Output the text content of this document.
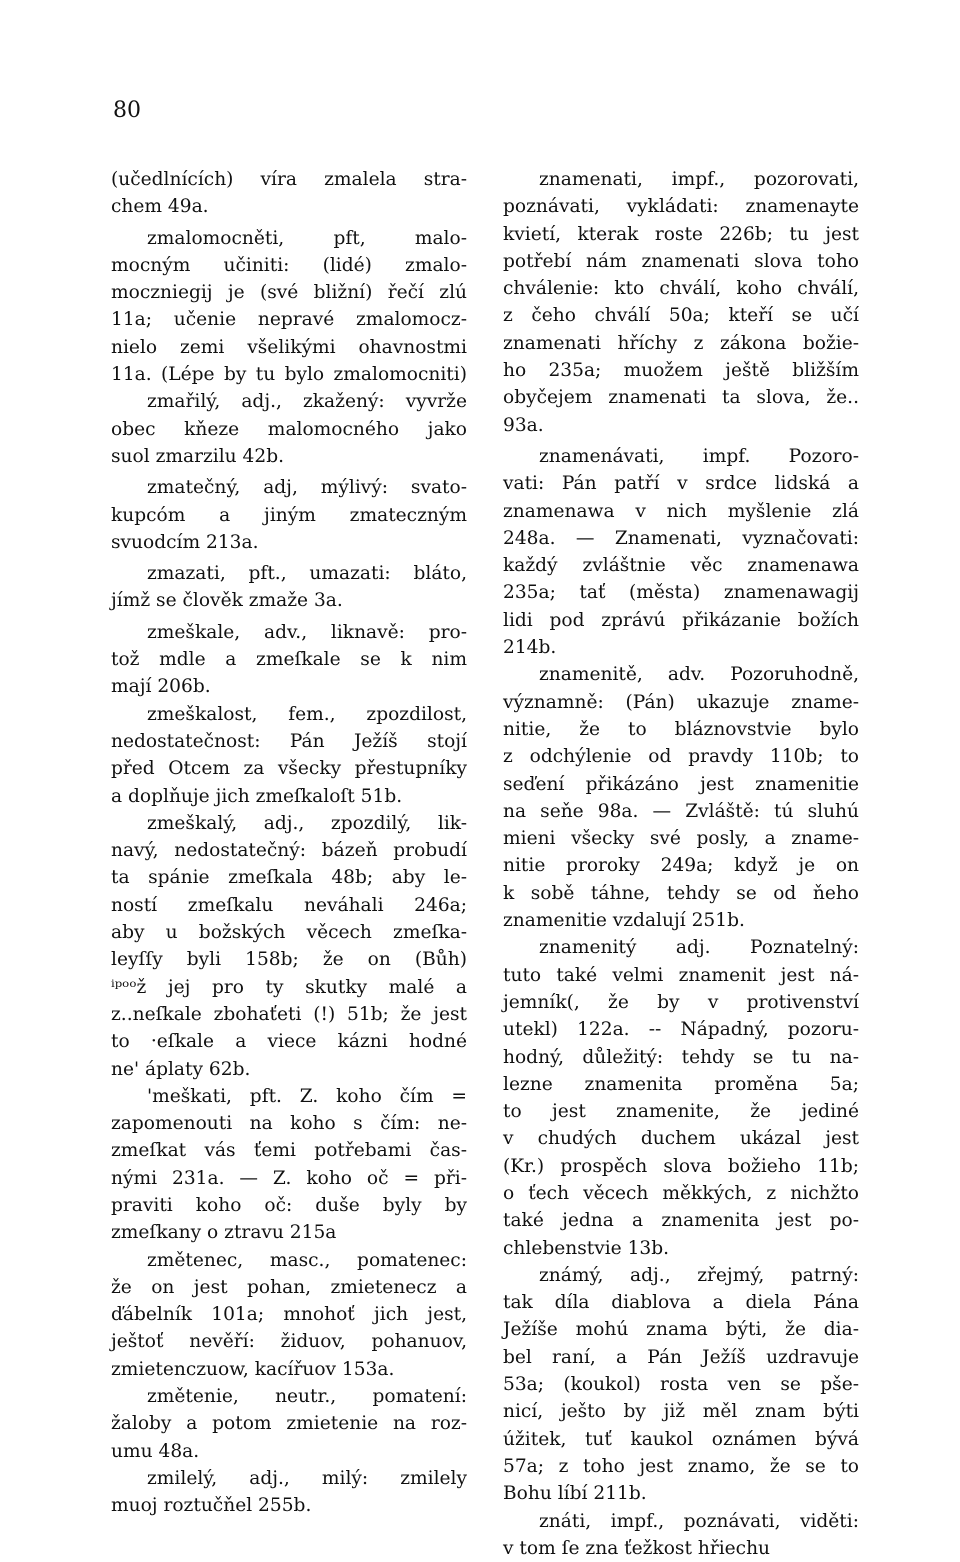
80
(učedlnících) víra zmalela stra-
chem 49a.
zmalomocněti, pft, malo-
mocným učiniti: (lidé) zmalo-
moczniegij je (své bližní) řečí zlú
11a; učenie nepravé zmalomocz-
nielo zemi všelikými ohavnostmi
11a. (Lépe by tu bylo zmalomocniti)
zmařilý, adj., zkažený: vyvrže
obec kňeze malomocného jako
suol zmarzilu 42b.
zmatečný, adj, mýlivý: svato-
kupcóm a jiným zmateczným
svuodcím 213a.
zmazati, pft., umazati: bláto,
jímž se člověk zmaže 3a.
zmeškale, adv., liknavě: pro-
tož mdle a zmeſkale se k nim
mají 206b.
zmeškalost, fem., zpozdilost,
nedostatečnost: Pán Ježíš stojí
před Otcem za všecky přestupníky
a doplňuje jich zmeſkaloſt 51b.
zmeškalý, adj., zpozdilý, lik-
navý, nedostatečný: bázeň probudí
ta spánie zmeſkala 48b; aby le-
ností zmeſkalu neváhali 246a;
aby u božských věcech zmeſka-
leyſſy byli 158b; že on (Bůh)
ⁱᵖᵒᵒž jej pro ty skutky malé a
z..neſkale zbohaťeti (!) 51b; že jest
to ·eſkale a viece kázni hodné
ne' áplaty 62b.
'meškati, pft. Z. koho čím =
zapomenouti na koho s čím: ne-
zmeſkat vás ťemi potřebami čas-
nými 231a. — Z. koho oč = při-
praviti koho oč: duše byly by
zmeſkany o ztravu 215a
změtenec, masc., pomatenec:
že on jest pohan, zmietenecz a
ďábelník 101a; mnohoť jich jest,
ještoť nevěří: židuov, pohanuov,
zmietenczuow, kacířuov 153a.
změtenie, neutr., pomatení:
žaloby a potom zmietenie na roz-
umu 48a.
zmilelý, adj., milý: zmilely
muoj roztučňel 255b.
znamenati, impf., pozorovati,
poznávati, vykládati: znamenayte
kvietí, kterak roste 226b; tu jest
potřebí nám znamenati slova toho
chválenie: kto chválí, koho chválí,
z čeho chválí 50a; kteří se učí
znamenati hříchy z zákona božie-
ho 235a; muožem ještě bližším
obyčejem znamenati ta slova, že..
93a.
znamenávati, impf. Pozoro-
vati: Pán patří v srdce lidská a
znamenawa v nich myšlenie zlá
248a. — Znamenati, vyznačovati:
každý zvláštnie věc znamenawa
235a; tať (města) znamenawagij
lidi pod zprávú přikázanie božích
214b.
znamenitě, adv. Pozoruhodně,
významně: (Pán) ukazuje zname-
nitie, že to bláznovstvie bylo
z odchýlenie od pravdy 110b; to
seďení přikázáno jest znamenitie
na seňe 98a. — Zvláště: tú sluhú
mieni všecky své posly, a zname-
nitie proroky 249a; když je on
k sobě táhne, tehdy se od ňeho
znamenitie vzdalují 251b.
znamenitý adj. Poznatelný:
tuto také velmi znamenit jest ná-
jemník(, že by v protivenství
utekl) 122a. -- Nápadný, pozoru-
hodný, důležitý: tehdy se tu na-
lezne znamenita proměna 5a;
to jest znamenite, že jediné
v chudých duchem ukázal jest
(Kr.) prospěch slova božieho 11b;
o ťech věcech měkkých, z nichžto
také jedna a znamenita jest po-
chlebenstvie 13b.
známý, adj., zřejmý, patrný:
tak díla diablova a diela Pána
Ježíše mohú znama býti, že dia-
bel raní, a Pán Ježíš uzdravuje
53a; (koukol) rosta ven se pše-
nicí, ješto by již měl znam býti
úžitek, tuť kaukol oznámen bývá
57a; z toho jest znamo, že se to
Bohu líbí 211b.
znáti, impf., poznávati, viděti:
v tom ſe zna ťežkost hřiechu
